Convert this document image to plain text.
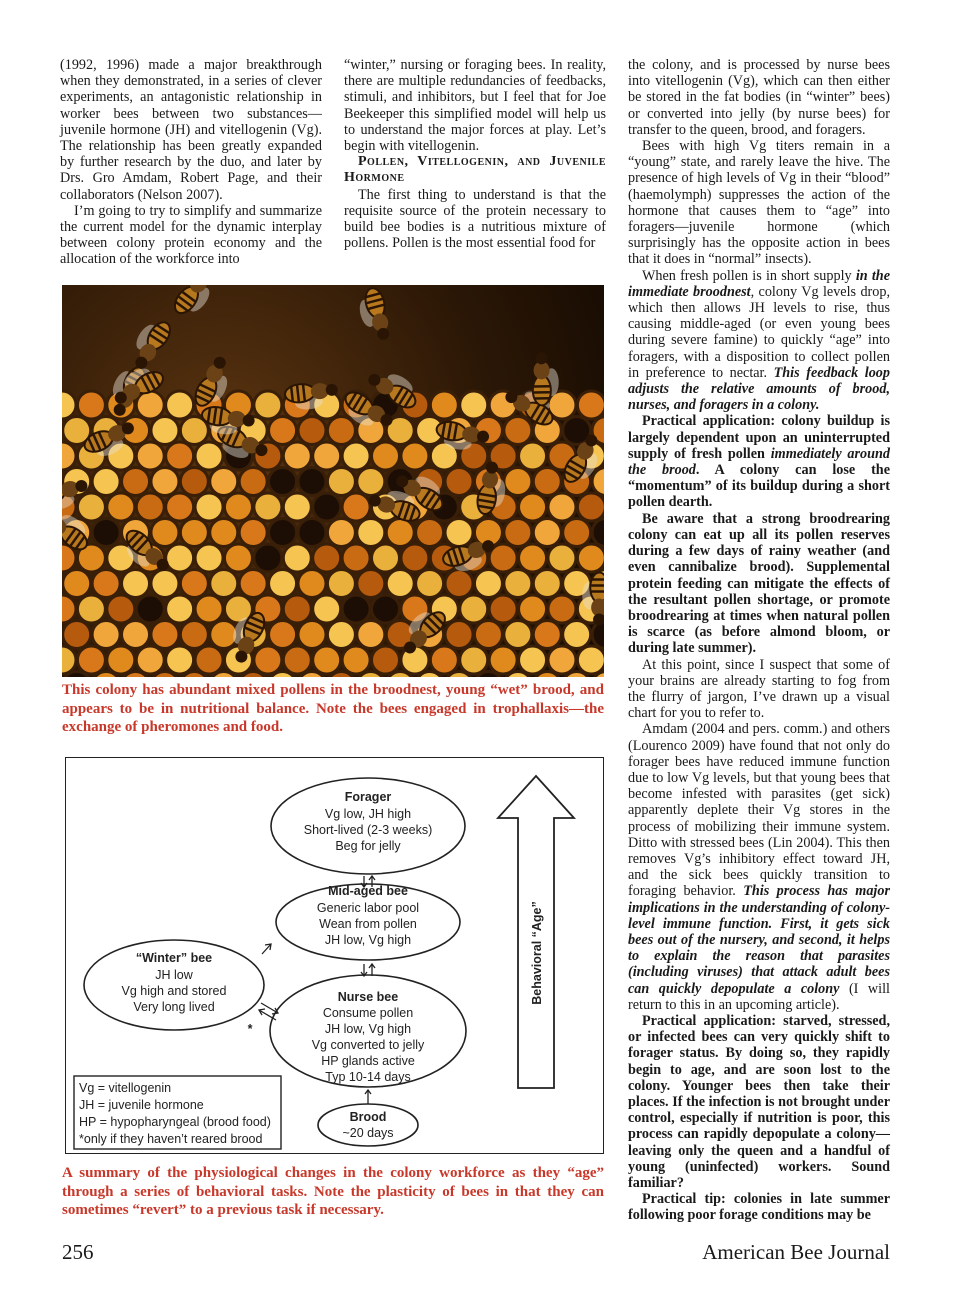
(1992, 1996) made a major breakthrough when they demonstrated, in a series of clever experiments, an antagonistic relationship in worker bees between two substances—juvenile hormone (JH) and vitellogenin (Vg). The relationship has been greatly expanded by further research by the duo, and later by Drs. Gro Amdam, Robert Page, and their collaborators (Nelson 2007).

I’m going to try to simplify and summarize the current model for the dynamic interplay between colony protein economy and the allocation of the workforce into

“winter,” nursing or foraging bees. In reality, there are multiple redundancies of feedbacks, stimuli, and inhibitors, but I feel that for Joe Beekeeper this simplified model will help us to understand the major forces at play. Let’s begin with vitellogenin.

Pollen, Vitellogenin, and Juvenile Hormone

The first thing to understand is that the requisite source of the protein necessary to build bee bodies is a nutritious mixture of pollens. Pollen is the most essential food for

the colony, and is processed by nurse bees into vitellogenin (Vg), which can then either be stored in the fat bodies (in “winter” bees) or converted into jelly (by nurse bees) for transfer to the queen, brood, and foragers.

Bees with high Vg titers remain in a “young” state, and rarely leave the hive. The presence of high levels of Vg in their “blood” (haemolymph) suppresses the action of the hormone that causes them to “age” into foragers—juvenile hormone (which surprisingly has the opposite action in bees that it does in “normal” insects).

When fresh pollen is in short supply in the immediate broodnest, colony Vg levels drop, which then allows JH levels to rise, thus causing middle-aged (or even young bees during severe famine) to quickly “age” into foragers, with a disposition to collect pollen in preference to nectar. This feedback loop adjusts the relative amounts of brood, nurses, and foragers in a colony.

Practical application: colony buildup is largely dependent upon an uninterrupted supply of fresh pollen immediately around the brood. A colony can lose the “momentum” of its buildup during a short pollen dearth.

Be aware that a strong broodrearing colony can eat up all its pollen reserves during a few days of rainy weather (and even cannibalize brood). Supplemental protein feeding can mitigate the effects of the resultant pollen shortage, or promote broodrearing at times when natural pollen is scarce (as before almond bloom, or during late summer).

At this point, since I suspect that some of your brains are already starting to fog from the flurry of jargon, I’ve drawn up a visual chart for you to refer to.

Amdam (2004 and pers. comm.) and others (Lourenco 2009) have found that not only do forager bees have reduced immune function due to low Vg levels, but that young bees that become infested with parasites (get sick) apparently deplete their Vg stores in the process of mobilizing their immune system. Ditto with stressed bees (Lin 2004). This then removes Vg’s inhibitory effect toward JH, and the sick bees quickly transition to foraging behavior. This process has major implications in the understanding of colony-level immune function. First, it gets sick bees out of the nursery, and second, it helps to explain the reason that parasites (including viruses) that attack adult bees can quickly depopulate a colony (I will return to this in an upcoming article).

Practical application: starved, stressed, or infected bees can very quickly shift to forager status. By doing so, they rapidly begin to age, and are soon lost to the colony. Younger bees then take their places. If the infection is not brought under control, especially if nutrition is poor, this process can rapidly depopulate a colony—leaving only the queen and a handful of young (uninfected) workers. Sound familiar?

Practical tip: colonies in late summer following poor forage conditions may be

This colony has abundant mixed pollens in the broodnest, young “wet” brood, and appears to be in nutritional balance. Note the bees engaged in trophallaxis—the exchange of pheromones and food.
Forager
Vg low, JH high
Short-lived (2-3 weeks)
Beg for jelly
Mid-aged bee
Generic labor pool
Wean from pollen
JH low, Vg high
“Winter” bee
JH low
Vg high and stored
Very long lived
*
Nurse bee
Consume pollen
JH low, Vg high
Vg converted to jelly
HP glands active
Typ 10-14 days
Brood
~20 days
Behavioral “Age”
Vg = vitellogenin
JH = juvenile hormone
HP = hypopharyngeal (brood food)
*only if they haven’t reared brood
A summary of the physiological changes in the colony workforce as they “age” through a series of behavioral tasks. Note the plasticity of bees in that they can sometimes “revert” to a previous task if necessary.
256	American Bee Journal
